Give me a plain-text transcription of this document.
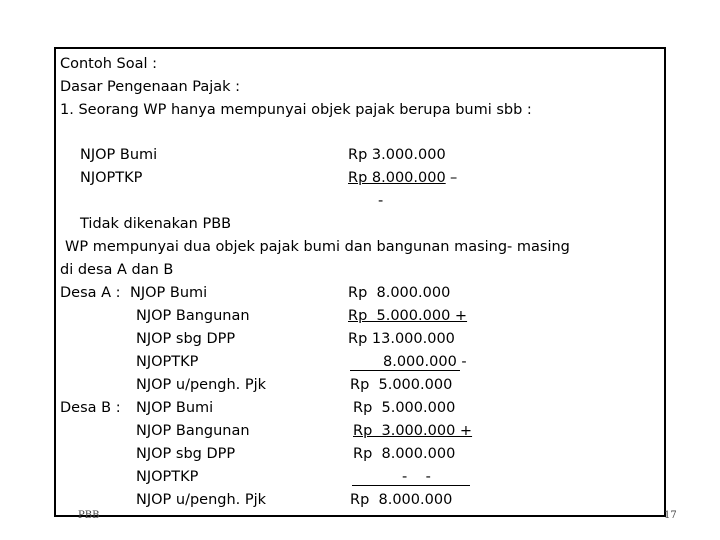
Contoh Soal :
Dasar Pengenaan Pajak :
1. Seorang WP hanya mempunyai objek pajak berupa bumi sbb :
NJOP Bumi	Rp 3.000.000
NJOPTKP	Rp 8.000.000 –
-
Tidak dikenakan PBB
WP mempunyai dua objek pajak bumi dan bangunan masing- masing
di desa A dan B
Desa A : NJOP Bumi	Rp  8.000.000
NJOP Bangunan	Rp  5.000.000 +
NJOP sbg DPP	Rp 13.000.000
NJOPTKP	8.000.000 -
NJOP u/pengh. Pjk	Rp  5.000.000
Desa B : NJOP Bumi	Rp  5.000.000
NJOP Bangunan	Rp  3.000.000 +
NJOP sbg DPP	Rp  8.000.000
NJOPTKP	-    -
NJOP u/pengh. Pjk	Rp  8.000.000
PBB	17
